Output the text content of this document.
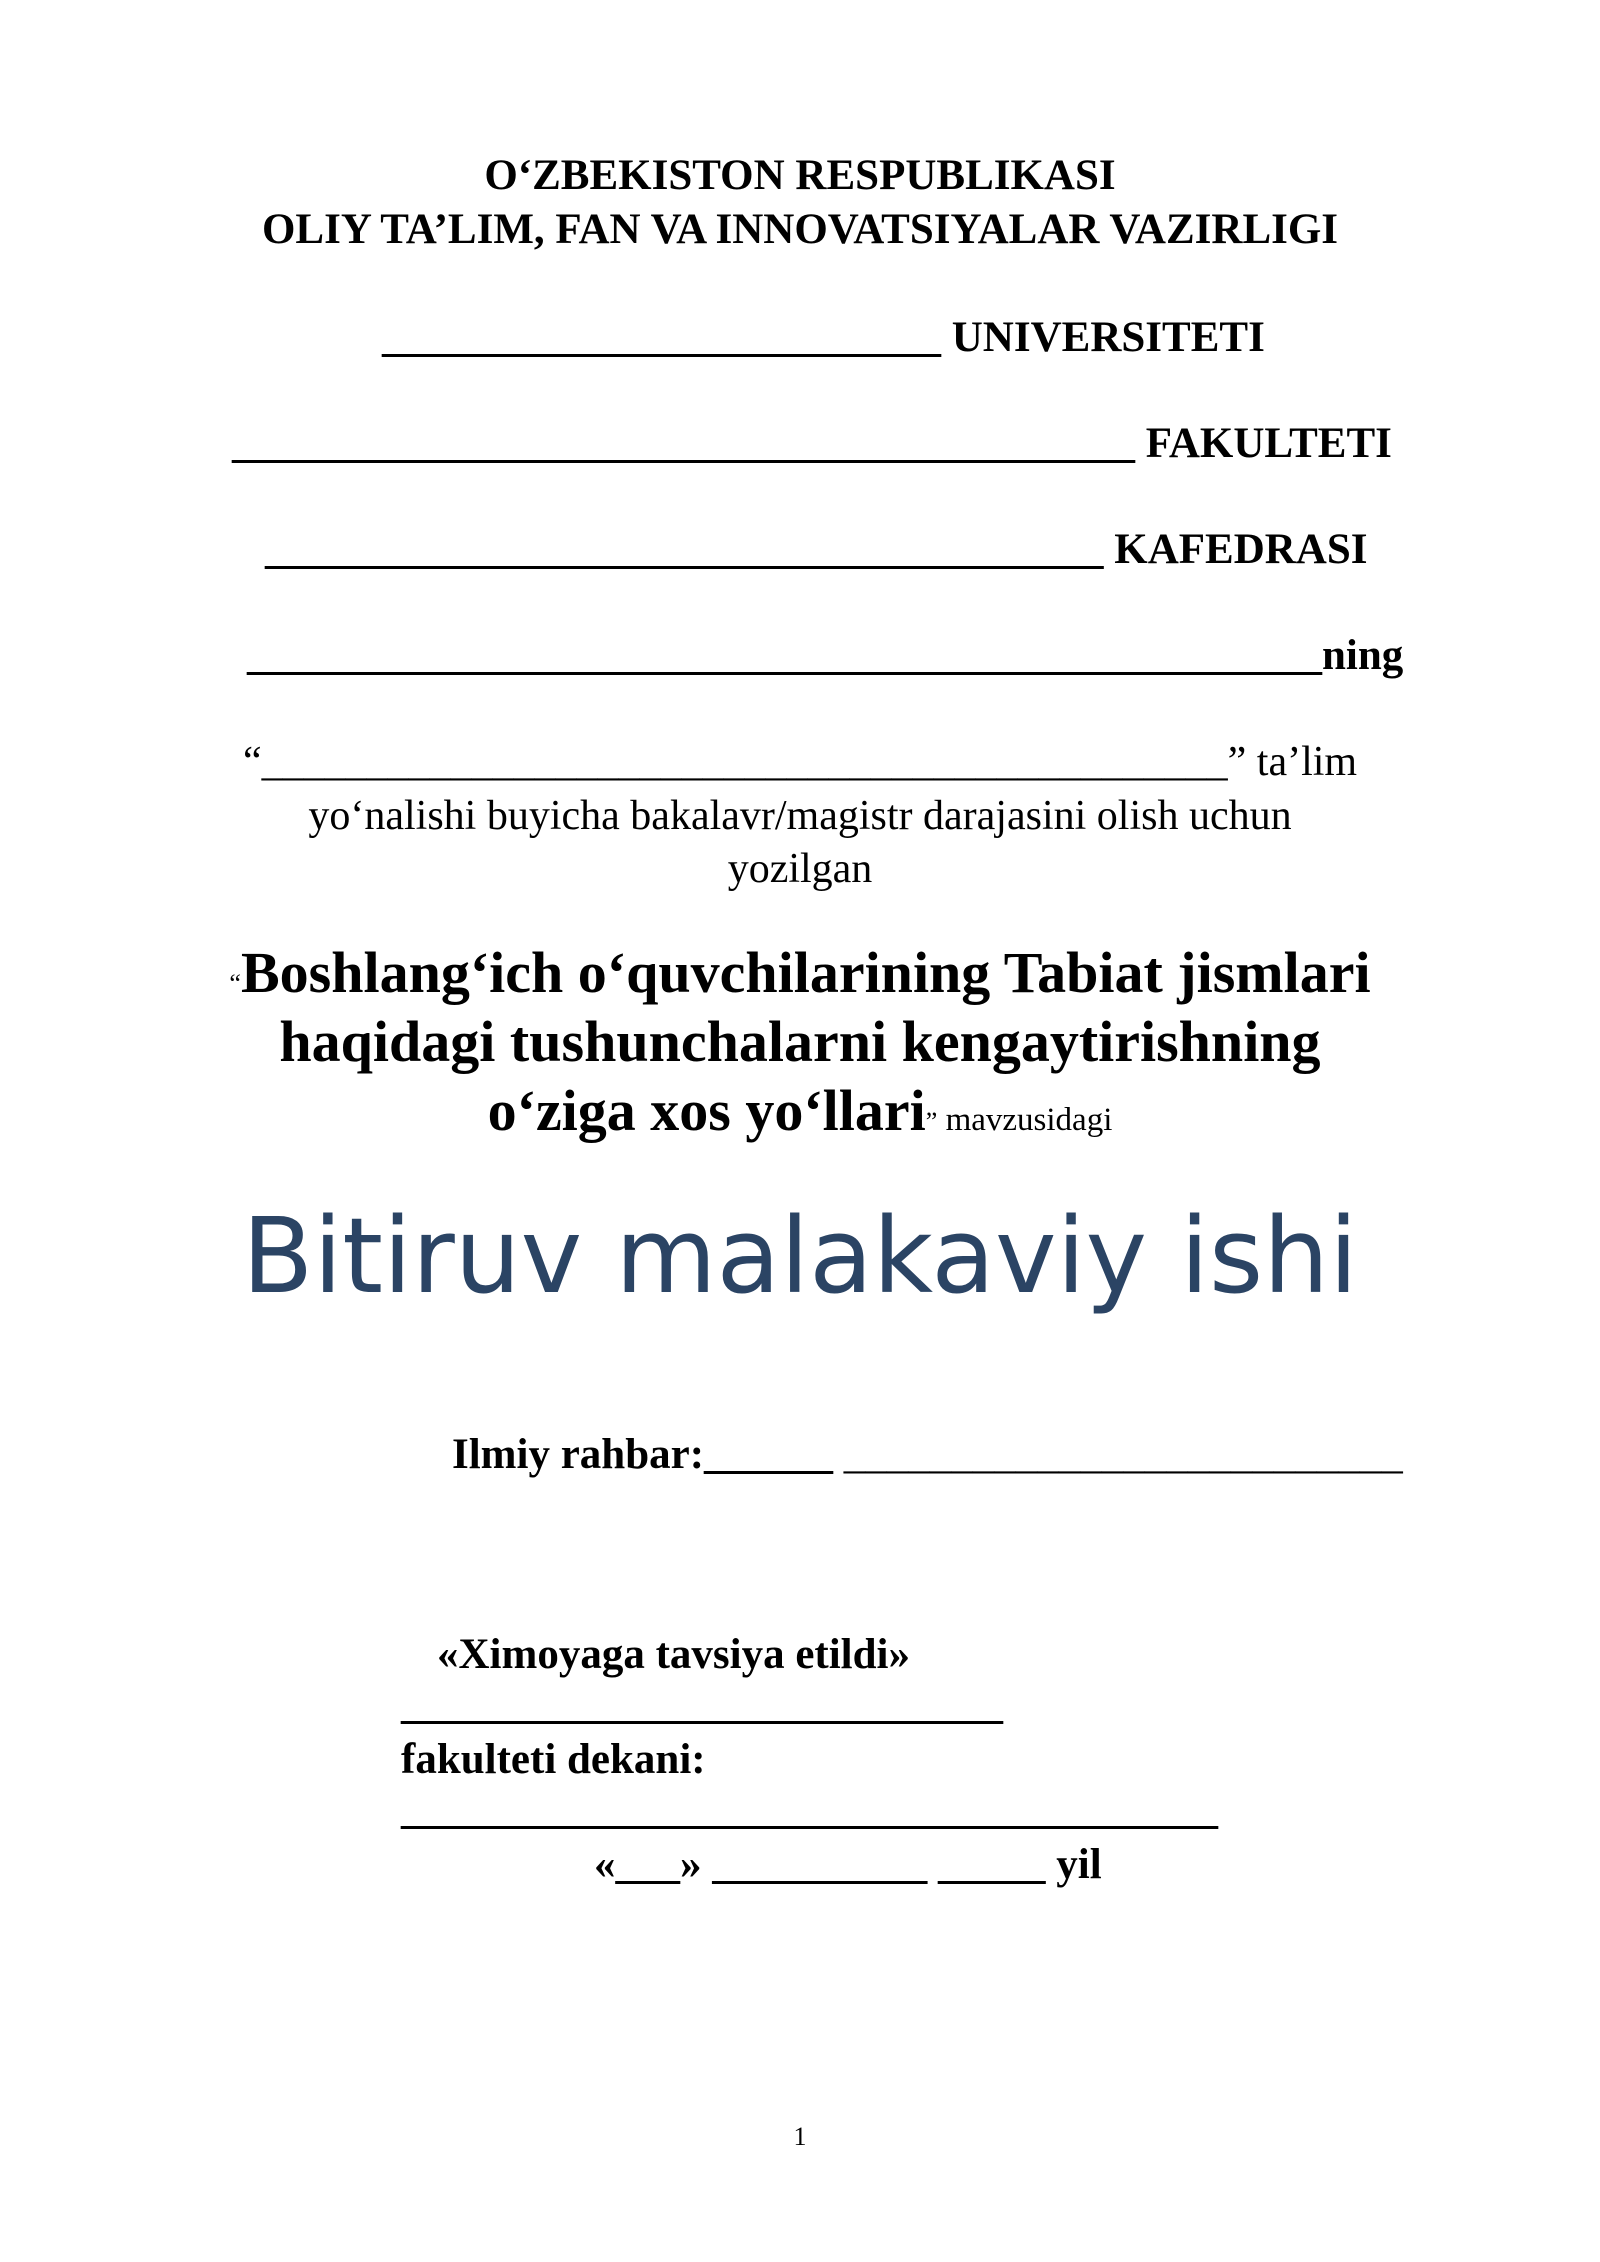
O‘ZBEKISTON RESPUBLIKASI
OLIY TA’LIM, FAN VA INNOVATSIYALAR VAZIRLIGI
__________________________ UNIVERSITETI
__________________________________________ FAKULTETI
_______________________________________ KAFEDRASI
__________________________________________________ning
“______________________________________________” ta’lim
yo‘nalishi buyicha bakalavr/magistr darajasini olish uchun
yozilgan
“Boshlang‘ich o‘quvchilarining Tabiat jismlari
haqidagi tushunchalarni kengaytirishning
o‘ziga xos yo‘llari” mavzusidagi
Bitiruv malakaviy ishi
Ilmiy rahbar:______ __________________________
«Ximoyaga tavsiya etildi»
____________________________
fakulteti dekani:
______________________________________
«___» __________ _____ yil
1
